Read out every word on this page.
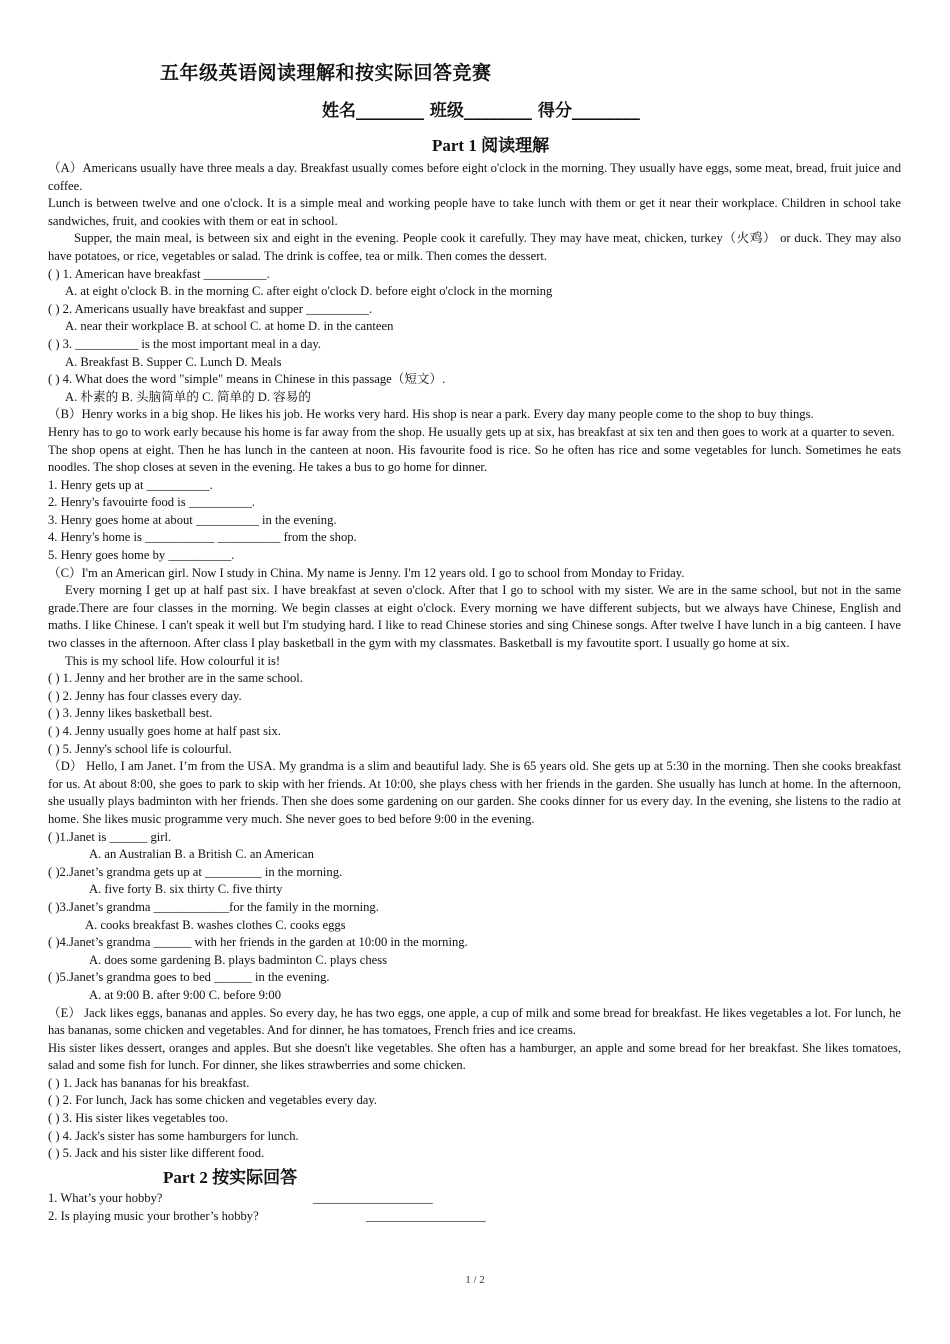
五年级英语阅读理解和按实际回答竞赛
姓名________ 班级________ 得分________
Part 1 阅读理解

（A）Americans usually have three meals a day. Breakfast usually comes before eight o'clock in the morning. They usually have eggs, some meat, bread, fruit juice and coffee.

Lunch is between twelve and one o'clock. It is a simple meal and working people have to take lunch with them or get it near their workplace. Children in school take sandwiches, fruit, and cookies with them or eat in school.

Supper, the main meal, is between six and eight in the evening. People cook it carefully. They may have meat, chicken, turkey（火鸡） or duck. They may also have potatoes, or rice, vegetables or salad. The drink is coffee, tea or milk. Then comes the dessert.

( ) 1. American have breakfast __________.

A. at eight o'clock B. in the morning C. after eight o'clock D. before eight o'clock in the morning

( ) 2. Americans usually have breakfast and supper __________.

A. near their workplace B. at school C. at home D. in the canteen

( ) 3. __________ is the most important meal in a day.

A. Breakfast B. Supper C. Lunch D. Meals

( ) 4. What does the word "simple" means in Chinese in this passage（短文）.

A. 朴素的 B. 头脑简单的 C. 简单的 D. 容易的

（B）Henry works in a big shop. He likes his job. He works very hard. His shop is near a park. Every day many people come to the shop to buy things.

Henry has to go to work early because his home is far away from the shop. He usually gets up at six, has breakfast at six ten and then goes to work at a quarter to seven.

The shop opens at eight. Then he has lunch in the canteen at noon. His favourite food is rice. So he often has rice and some vegetables for lunch. Sometimes he eats noodles. The shop closes at seven in the evening. He takes a bus to go home for dinner.

1. Henry gets up at __________.

2. Henry's favouirte food is __________.

3. Henry goes home at about __________ in the evening.

4. Henry's home is ___________ __________ from the shop.

5. Henry goes home by __________.

（C）I'm an American girl. Now I study in China. My name is Jenny. I'm 12 years old. I go to school from Monday to Friday.

Every morning I get up at half past six. I have breakfast at seven o'clock. After that I go to school with my sister. We are in the same school, but not in the same grade.There are four classes in the morning. We begin classes at eight o'clock. Every morning we have different subjects, but we always have Chinese, English and maths. I like Chinese. I can't speak it well but I'm studying hard. I like to read Chinese stories and sing Chinese songs. After twelve I have lunch in a big canteen. I have two classes in the afternoon. After class I play basketball in the gym with my classmates. Basketball is my favoutite sport. I usually go home at six.

This is my school life. How colourful it is!

( ) 1. Jenny and her brother are in the same school.

( ) 2. Jenny has four classes every day.

( ) 3. Jenny likes basketball best.

( ) 4. Jenny usually goes home at half past six.

( ) 5. Jenny's school life is colourful.

（D） Hello, I am Janet. I’m from the USA. My grandma is a slim and beautiful lady. She is 65 years old. She gets up at 5:30 in the morning. Then she cooks breakfast for us. At about 8:00, she goes to park to skip with her friends. At 10:00, she plays chess with her friends in the garden. She usually has lunch at home. In the afternoon, she usually plays badminton with her friends. Then she does some gardening on our garden. She cooks dinner for us every day. In the evening, she listens to the radio at home. She likes music programme very much. She never goes to bed before 9:00 in the evening.

( )1.Janet is ______ girl.

A. an Australian B. a British C. an American

( )2.Janet’s grandma gets up at _________ in the morning.

A. five forty B. six thirty C. five thirty

( )3.Janet’s grandma ____________for the family in the morning.

A. cooks breakfast B. washes clothes C. cooks eggs

( )4.Janet’s grandma ______ with her friends in the garden at 10:00 in the morning.

A. does some gardening B. plays badminton C. plays chess

( )5.Janet’s grandma goes to bed ______ in the evening.

A. at 9:00 B. after 9:00 C. before 9:00

（E） Jack likes eggs, bananas and apples. So every day, he has two eggs, one apple, a cup of milk and some bread for breakfast. He likes vegetables a lot. For lunch, he has bananas, some chicken and vegetables. And for dinner, he has tomatoes, French fries and ice creams.

His sister likes dessert, oranges and apples. But she doesn't like vegetables. She often has a hamburger, an apple and some bread for her breakfast. She likes tomatoes, salad and some fish for lunch. For dinner, she likes strawberries and some chicken.

( ) 1. Jack has bananas for his breakfast.

( ) 2. For lunch, Jack has some chicken and vegetables every day.

( ) 3. His sister likes vegetables too.

( ) 4. Jack's sister has some hamburgers for lunch.

( ) 5. Jack and his sister like different food.

Part 2 按实际回答
1. What’s your hobby?	___________________
2. Is playing music your brother’s hobby?	___________________
1 / 2
